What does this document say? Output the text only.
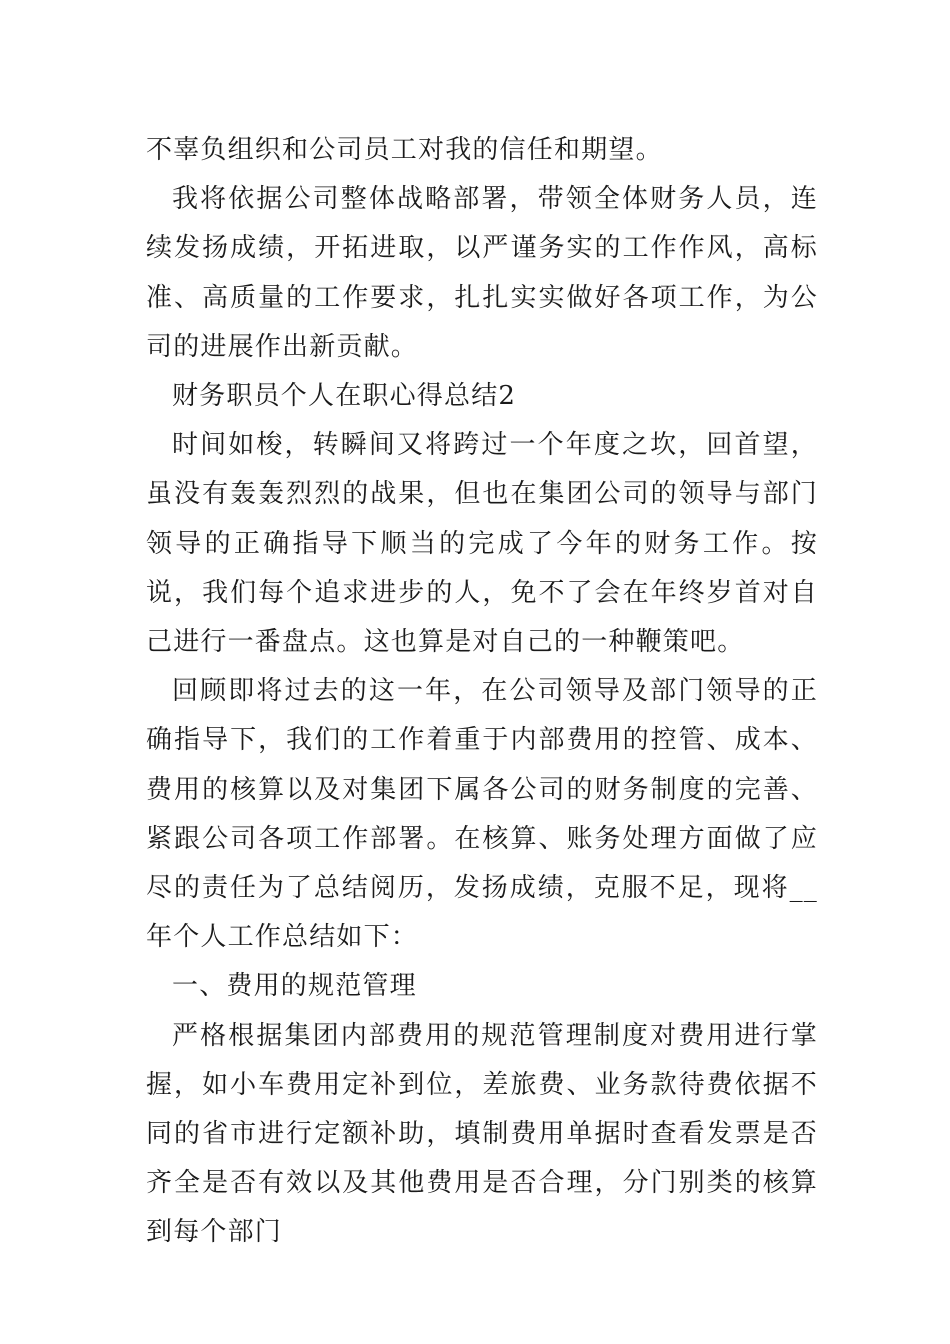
不辜负组织和公司员工对我的信任和期望。

我将依据公司整体战略部署，带领全体财务人员，连续发扬成绩，开拓进取，以严谨务实的工作作风，高标准、高质量的工作要求，扎扎实实做好各项工作，为公司的进展作出新贡献。

财务职员个人在职心得总结2

时间如梭，转瞬间又将跨过一个年度之坎，回首望，虽没有轰轰烈烈的战果，但也在集团公司的领导与部门领导的正确指导下顺当的完成了今年的财务工作。按说，我们每个追求进步的人，免不了会在年终岁首对自己进行一番盘点。这也算是对自己的一种鞭策吧。

回顾即将过去的这一年，在公司领导及部门领导的正确指导下，我们的工作着重于内部费用的控管、成本、费用的核算以及对集团下属各公司的财务制度的完善、紧跟公司各项工作部署。在核算、账务处理方面做了应尽的责任为了总结阅历，发扬成绩，克服不足，现将__年个人工作总结如下：

一、费用的规范管理

严格根据集团内部费用的规范管理制度对费用进行掌握，如小车费用定补到位，差旅费、业务款待费依据不同的省市进行定额补助，填制费用单据时查看发票是否齐全是否有效以及其他费用是否合理，分门别类的核算到每个部门
